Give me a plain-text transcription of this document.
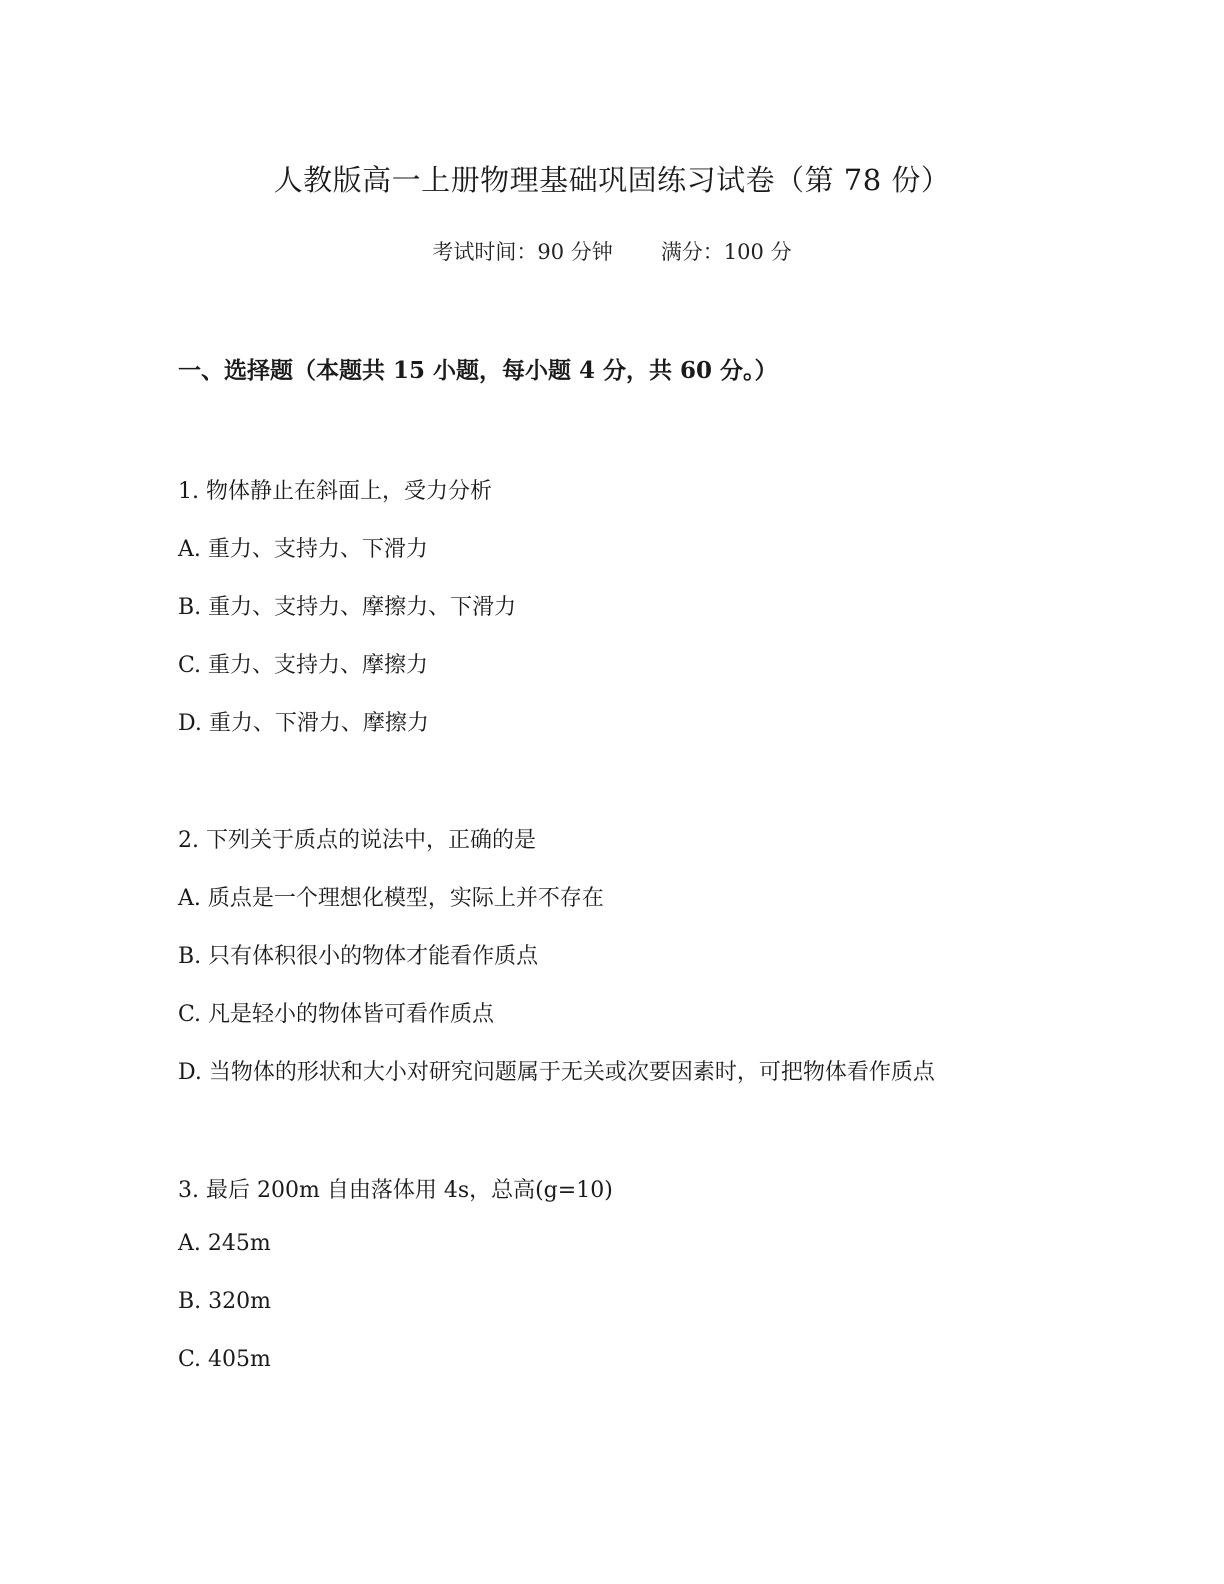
人教版高一上册物理基础巩固练习试卷（第 78 份）
考试时间：90 分钟 满分：100 分
一、选择题（本题共 15 小题，每小题 4 分，共 60 分。）
1. 物体静止在斜面上，受力分析
A. 重力、支持力、下滑力
B. 重力、支持力、摩擦力、下滑力
C. 重力、支持力、摩擦力
D. 重力、下滑力、摩擦力
2. 下列关于质点的说法中，正确的是
A. 质点是一个理想化模型，实际上并不存在
B. 只有体积很小的物体才能看作质点
C. 凡是轻小的物体皆可看作质点
D. 当物体的形状和大小对研究问题属于无关或次要因素时，可把物体看作质点
3. 最后 200m 自由落体用 4s，总高(g=10)
A. 245m
B. 320m
C. 405m
